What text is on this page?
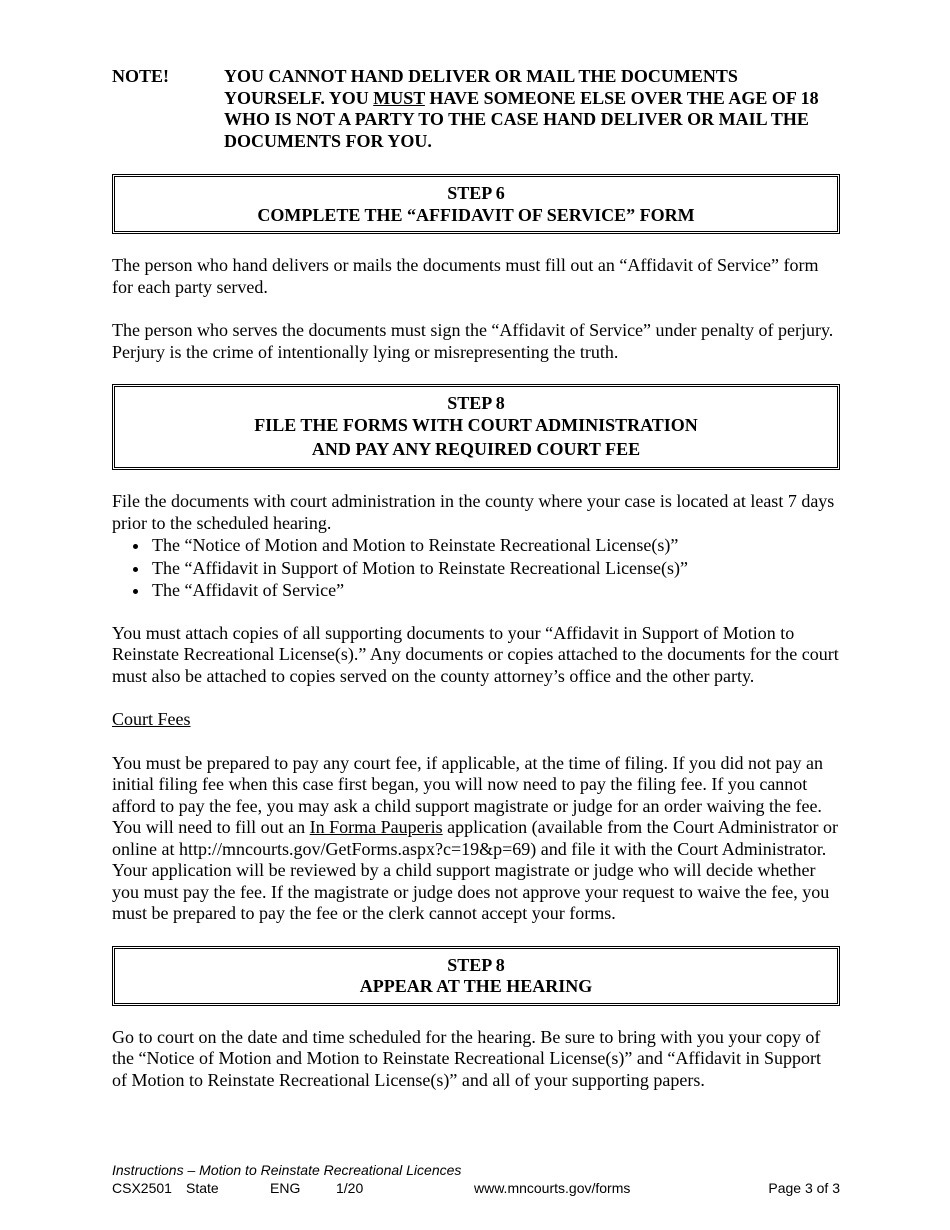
NOTE!	YOU CANNOT HAND DELIVER OR MAIL THE DOCUMENTS YOURSELF. YOU MUST HAVE SOMEONE ELSE OVER THE AGE OF 18 WHO IS NOT A PARTY TO THE CASE HAND DELIVER OR MAIL THE DOCUMENTS FOR YOU.
STEP 6
COMPLETE THE “AFFIDAVIT OF SERVICE” FORM

The person who hand delivers or mails the documents must fill out an “Affidavit of Service” form for each party served.

The person who serves the documents must sign the “Affidavit of Service” under penalty of perjury. Perjury is the crime of intentionally lying or misrepresenting the truth.

STEP 8
FILE THE FORMS WITH COURT ADMINISTRATION
AND PAY ANY REQUIRED COURT FEE

File the documents with court administration in the county where your case is located at least 7 days prior to the scheduled hearing.

• The “Notice of Motion and Motion to Reinstate Recreational License(s)”
• The “Affidavit in Support of Motion to Reinstate Recreational License(s)”
• The “Affidavit of Service”

You must attach copies of all supporting documents to your “Affidavit in Support of Motion to Reinstate Recreational License(s).” Any documents or copies attached to the documents for the court must also be attached to copies served on the county attorney’s office and the other party.

Court Fees

You must be prepared to pay any court fee, if applicable, at the time of filing. If you did not pay an initial filing fee when this case first began, you will now need to pay the filing fee. If you cannot afford to pay the fee, you may ask a child support magistrate or judge for an order waiving the fee. You will need to fill out an In Forma Pauperis application (available from the Court Administrator or online at http://mncourts.gov/GetForms.aspx?c=19&p=69) and file it with the Court Administrator. Your application will be reviewed by a child support magistrate or judge who will decide whether you must pay the fee. If the magistrate or judge does not approve your request to waive the fee, you must be prepared to pay the fee or the clerk cannot accept your forms.

STEP 8
APPEAR AT THE HEARING

Go to court on the date and time scheduled for the hearing. Be sure to bring with you your copy of the “Notice of Motion and Motion to Reinstate Recreational License(s)” and “Affidavit in Support of Motion to Reinstate Recreational License(s)” and all of your supporting papers.

Instructions – Motion to Reinstate Recreational Licences
CSX2501 State	ENG	1/20	www.mncourts.gov/forms	Page 3 of 3
